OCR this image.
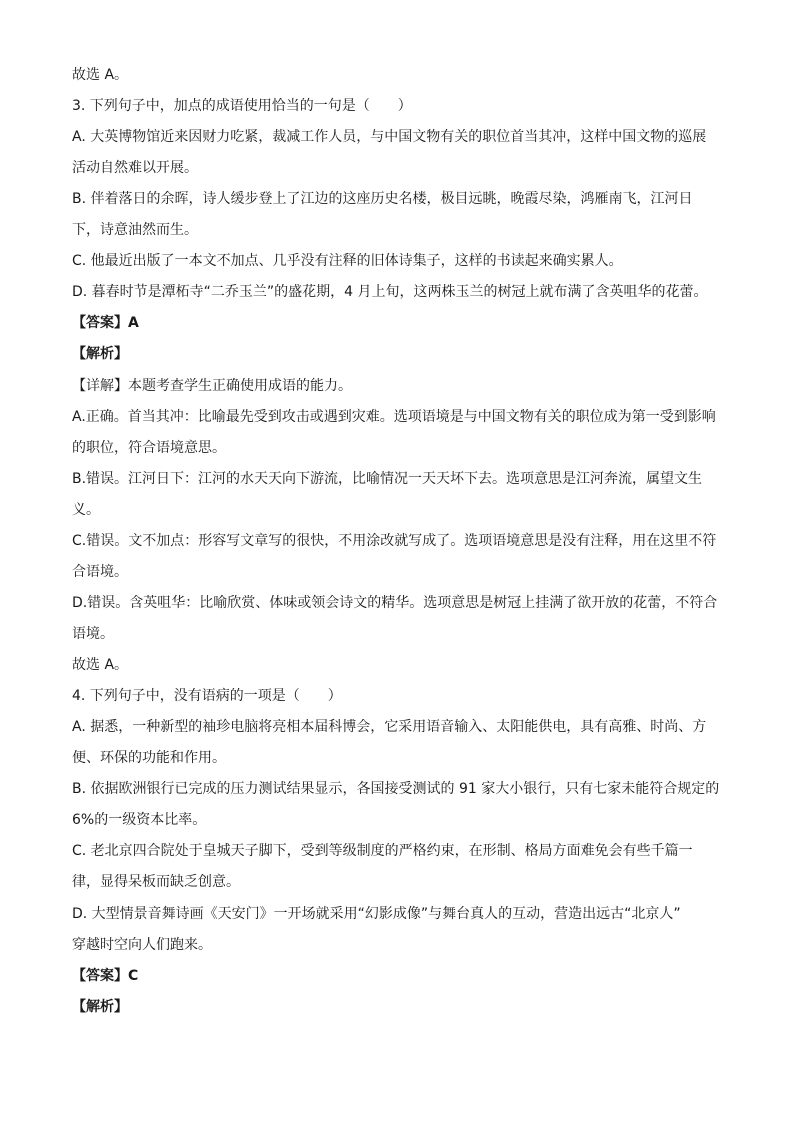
故选 A。
3. 下列句子中，加点的成语使用恰当的一句是（　　）
A. 大英博物馆近来因财力吃紧，裁减工作人员，与中国文物有关的职位首当其冲，这样中国文物的巡展
活动自然难以开展。
B. 伴着落日的余晖，诗人缓步登上了江边的这座历史名楼，极目远眺，晚霞尽染，鸿雁南飞，江河日
下，诗意油然而生。
C. 他最近出版了一本文不加点、几乎没有注释的旧体诗集子，这样的书读起来确实累人。
D. 暮春时节是潭柘寺“二乔玉兰”的盛花期，4 月上旬，这两株玉兰的树冠上就布满了含英咀华的花蕾。
【答案】A
【解析】
【详解】本题考查学生正确使用成语的能力。
A.正确。首当其冲：比喻最先受到攻击或遇到灾难。选项语境是与中国文物有关的职位成为第一受到影响
的职位，符合语境意思。
B.错误。江河日下：江河的水天天向下游流，比喻情况一天天坏下去。选项意思是江河奔流，属望文生
义。
C.错误。文不加点：形容写文章写的很快，不用涂改就写成了。选项语境意思是没有注释，用在这里不符
合语境。
D.错误。含英咀华：比喻欣赏、体味或领会诗文的精华。选项意思是树冠上挂满了欲开放的花蕾，不符合
语境。
故选 A。
4. 下列句子中，没有语病的一项是（　　）
A. 据悉，一种新型的袖珍电脑将亮相本届科博会，它采用语音输入、太阳能供电，具有高雅、时尚、方
便、环保的功能和作用。
B. 依据欧洲银行已完成的压力测试结果显示，各国接受测试的 91 家大小银行，只有七家未能符合规定的
6%的一级资本比率。
C. 老北京四合院处于皇城天子脚下，受到等级制度的严格约束，在形制、格局方面难免会有些千篇一
律，显得呆板而缺乏创意。
D. 大型情景音舞诗画《天安门》一开场就采用“幻影成像”与舞台真人的互动，营造出远古“北京人”
穿越时空向人们跑来。
【答案】C
【解析】
